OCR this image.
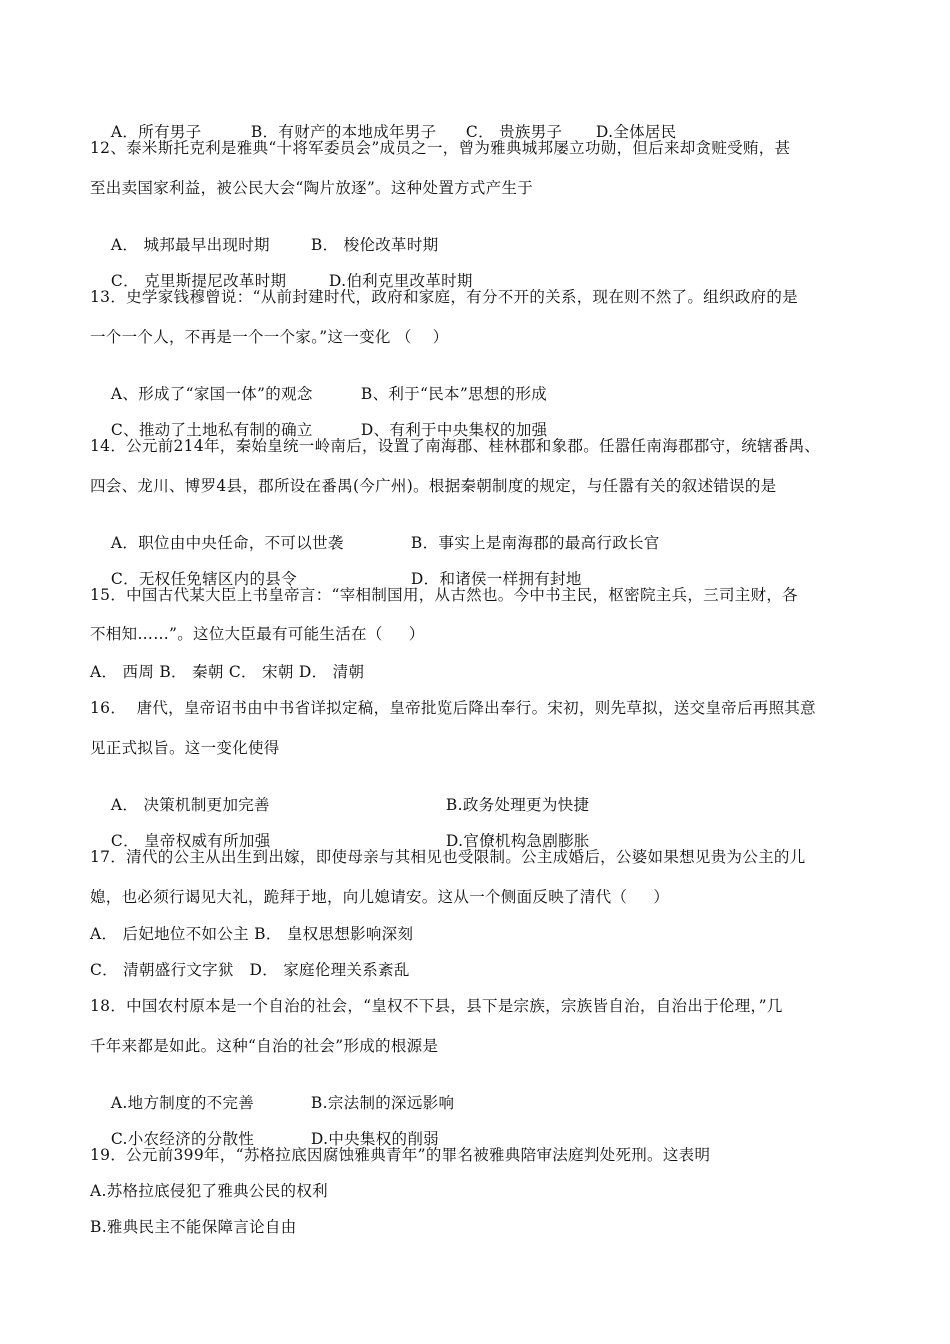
A．所有男子	B．有财产的本地成年男子 C． 贵族男子 D.全体居民

12、泰米斯托克利是雅典“十将军委员会”成员之一，曾为雅典城邦屡立功勋，但后来却贪赃受贿，甚
至出卖国家利益，被公民大会“陶片放逐”。这种处置方式产生于

A． 城邦最早出现时期	B． 梭伦改革时期

C． 克里斯提尼改革时期	D.伯利克里改革时期

13．史学家钱穆曾说：“从前封建时代，政府和家庭，有分不开的关系，现在则不然了。组织政府的是
一个一个人，不再是一个一个家。”这一变化 （    ）

A、形成了“家国一体”的观念	B、利于“民本”思想的形成

C、推动了土地私有制的确立	D、有利于中央集权的加强

14．公元前214年，秦始皇统一岭南后，设置了南海郡、桂林郡和象郡。任嚣任南海郡郡守，统辖番禺、
四会、龙川、博罗4县，郡所设在番禺(今广州)。根据秦朝制度的规定，与任嚣有关的叙述错误的是

A．职位由中央任命，不可以世袭	B．事实上是南海郡的最高行政长官

C．无权任免辖区内的县令	D．和诸侯一样拥有封地

15．中国古代某大臣上书皇帝言：“宰相制国用，从古然也。今中书主民，枢密院主兵，三司主财，各
不相知……”。这位大臣最有可能生活在（     ）
A． 西周 B． 秦朝 C． 宋朝 D． 清朝
16．  唐代，皇帝诏书由中书省详拟定稿，皇帝批览后降出奉行。宋初，则先草拟，送交皇帝后再照其意
见正式拟旨。这一变化使得

A． 决策机制更加完善	B.政务处理更为快捷

C． 皇帝权威有所加强	D.官僚机构急剧膨胀

17．清代的公主从出生到出嫁，即使母亲与其相见也受限制。公主成婚后，公婆如果想见贵为公主的儿
媳，也必须行谒见大礼，跪拜于地，向儿媳请安。这从一个侧面反映了清代（     ）
A． 后妃地位不如公主 B． 皇权思想影响深刻
C． 清朝盛行文字狱   D． 家庭伦理关系紊乱
18．中国农村原本是一个自治的社会，“皇权不下县，县下是宗族，宗族皆自治，自治出于伦理，”几
千年来都是如此。这种“自治的社会”形成的根源是

A.地方制度的不完善	B.宗法制的深远影响

C.小农经济的分散性	D.中央集权的削弱

19．公元前399年，“苏格拉底因腐蚀雅典青年”的罪名被雅典陪审法庭判处死刑。这表明
A.苏格拉底侵犯了雅典公民的权利
B.雅典民主不能保障言论自由
